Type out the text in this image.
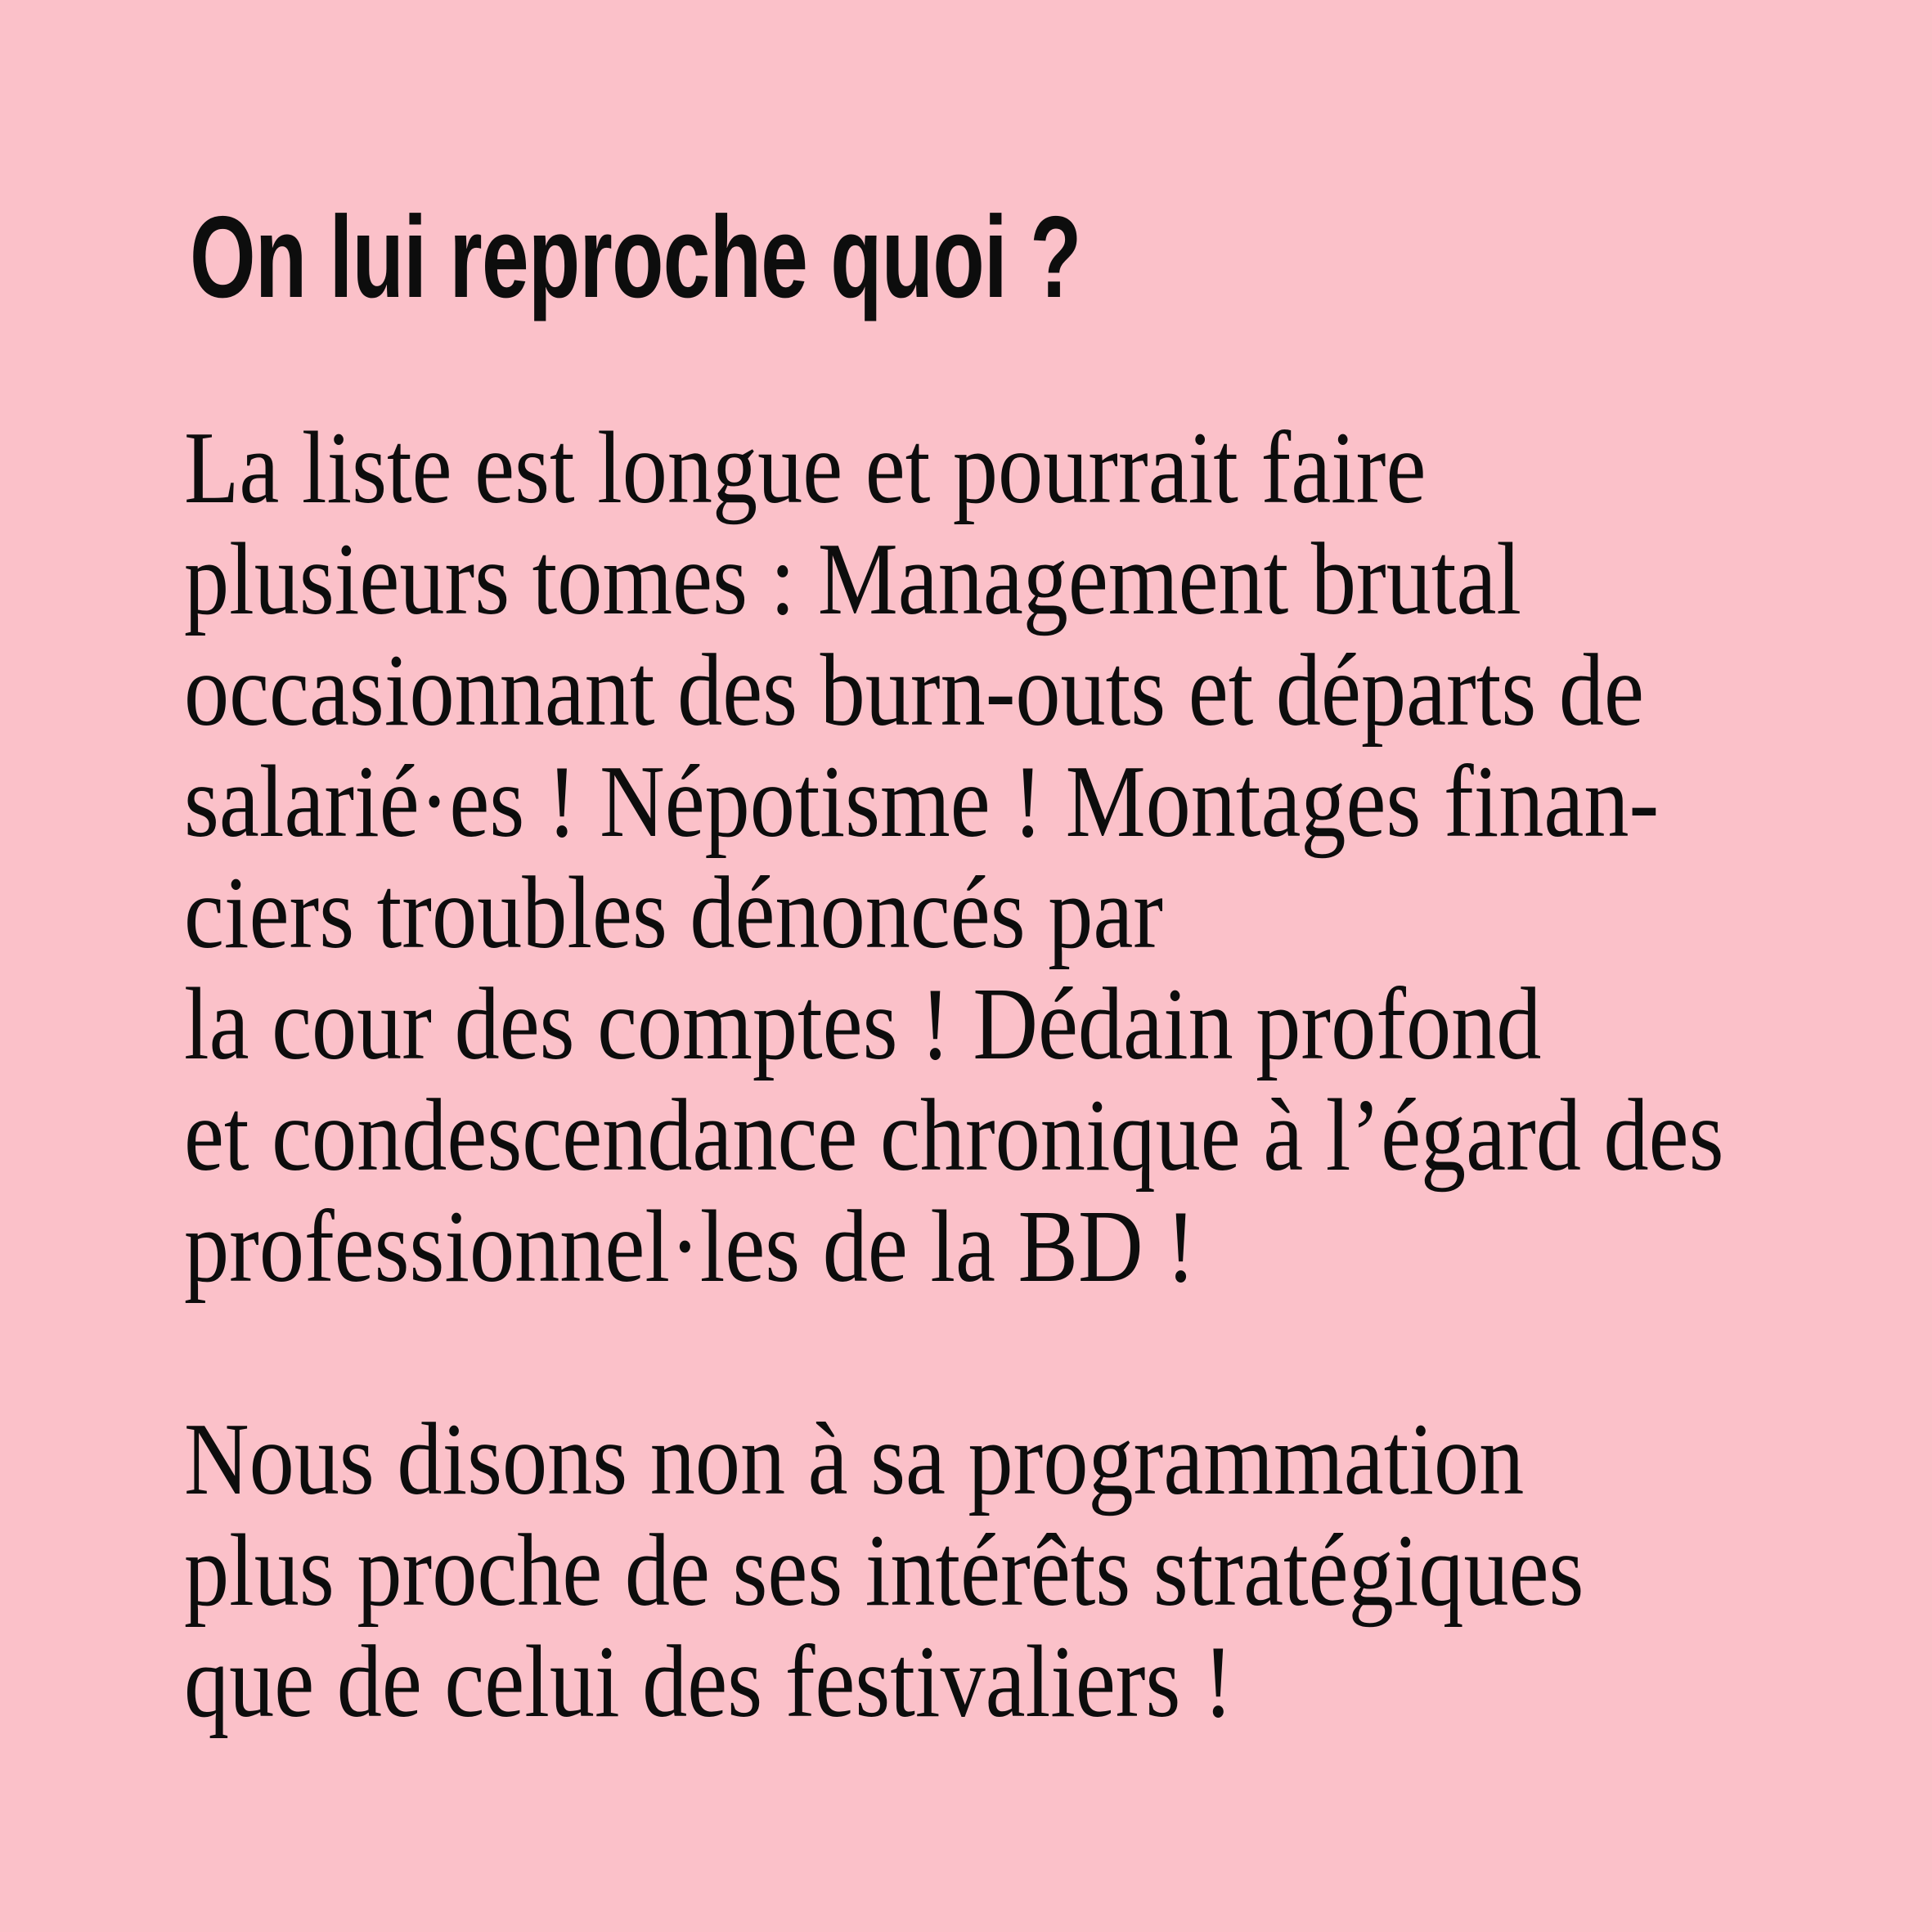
On lui reproche quoi ?
La liste est longue et pourrait faire
plusieurs tomes : Management brutal
occasionnant des burn-outs et départs de
salarié·es ! Népotisme ! Montages finan-
ciers troubles dénoncés par
la cour des comptes ! Dédain profond
et condescendance chronique à l’égard des
professionnel·les de la BD !
Nous disons non à sa programmation
plus proche de ses intérêts stratégiques
que de celui des festivaliers !
